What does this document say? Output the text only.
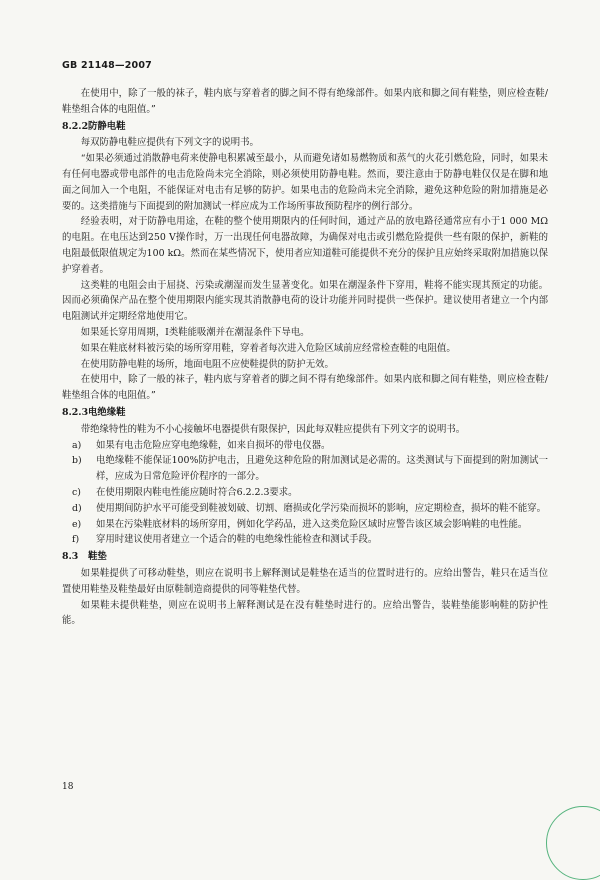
GB 21148—2007

在使用中，除了一般的袜子，鞋内底与穿着者的脚之间不得有绝缘部件。如果内底和脚之间有鞋垫，则应检查鞋/鞋垫组合体的电阻值。”

8.2.2防静电鞋

每双防静电鞋应提供有下列文字的说明书。

“如果必须通过消散静电荷来使静电积累减至最小，从而避免诸如易燃物质和蒸气的火花引燃危险，同时，如果未有任何电器或带电部件的电击危险尚未完全消除，则必须使用防静电鞋。然而，要注意由于防静电鞋仅仅是在脚和地面之间加入一个电阻，不能保证对电击有足够的防护。如果电击的危险尚未完全消除，避免这种危险的附加措施是必要的。这类措施与下面提到的附加测试一样应成为工作场所事故预防程序的例行部分。

经验表明，对于防静电用途，在鞋的整个使用期限内的任何时间，通过产品的放电路径通常应有小于1 000 MΩ的电阻。在电压达到250 V操作时，万一出现任何电器故障，为确保对电击或引燃危险提供一些有限的保护，新鞋的电阻最低限值规定为100 kΩ。然而在某些情况下，使用者应知道鞋可能提供不充分的保护且应始终采取附加措施以保护穿着者。

这类鞋的电阻会由于屈挠、污染或潮湿而发生显著变化。如果在潮湿条件下穿用，鞋将不能实现其预定的功能。因而必须确保产品在整个使用期限内能实现其消散静电荷的设计功能并同时提供一些保护。建议使用者建立一个内部电阻测试并定期经常地使用它。

如果延长穿用周期，Ⅰ类鞋能吸潮并在潮湿条件下导电。

如果在鞋底材料被污染的场所穿用鞋，穿着者每次进入危险区域前应经常检查鞋的电阻值。

在使用防静电鞋的场所，地面电阻不应使鞋提供的防护无效。

在使用中，除了一般的袜子，鞋内底与穿着者的脚之间不得有绝缘部件。如果内底和脚之间有鞋垫，则应检查鞋/鞋垫组合体的电阻值。”

8.2.3电绝缘鞋

带绝缘特性的鞋为不小心接触坏电器提供有限保护，因此每双鞋应提供有下列文字的说明书。

a)	如果有电击危险应穿电绝缘鞋，如来自损坏的带电仪器。
b)	电绝缘鞋不能保证100%防护电击，且避免这种危险的附加测试是必需的。这类测试与下面提到的附加测试一样，应成为日常危险评价程序的一部分。
c)	在使用期限内鞋电性能应随时符合6.2.2.3要求。
d)	使用期间防护水平可能受到鞋被划破、切割、磨损或化学污染而损坏的影响，应定期检查，损坏的鞋不能穿。
e)	如果在污染鞋底材料的场所穿用，例如化学药品，进入这类危险区域时应警告该区域会影响鞋的电性能。
f)	穿用时建议使用者建立一个适合的鞋的电绝缘性能检查和测试手段。

8.3 鞋垫

如果鞋提供了可移动鞋垫，则应在说明书上解释测试是鞋垫在适当的位置时进行的。应给出警告，鞋只在适当位置使用鞋垫及鞋垫最好由原鞋制造商提供的同等鞋垫代替。

如果鞋未提供鞋垫，则应在说明书上解释测试是在没有鞋垫时进行的。应给出警告，装鞋垫能影响鞋的防护性能。

18
